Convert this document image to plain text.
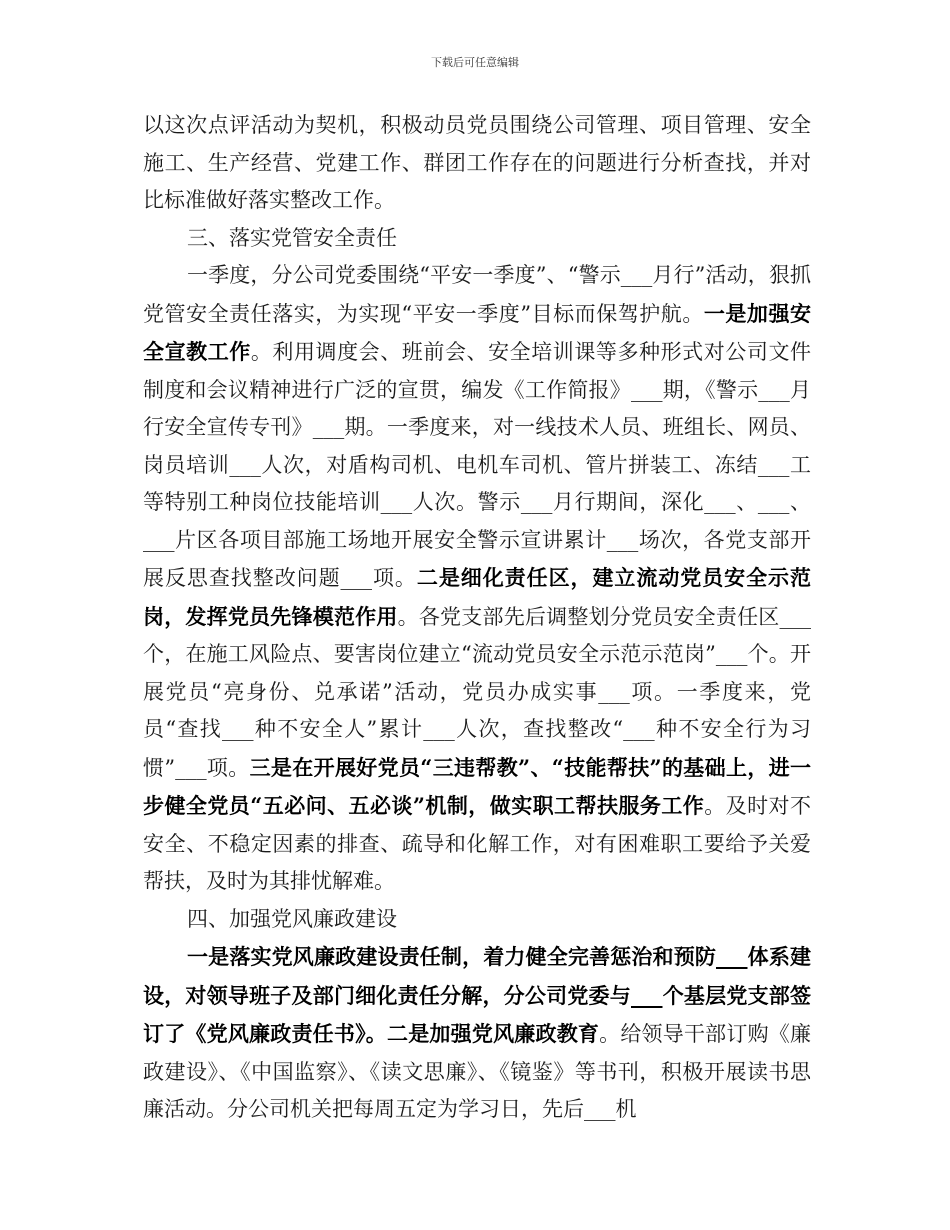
下载后可任意编辑

以这次点评活动为契机，积极动员党员围绕公司管理、项目管理、安全施工、生产经营、党建工作、群团工作存在的问题进行分析查找，并对比标准做好落实整改工作。

三、落实党管安全责任

一季度，分公司党委围绕“平安一季度”、“警示___月行”活动，狠抓党管安全责任落实，为实现“平安一季度”目标而保驾护航。一是加强安全宣教工作。利用调度会、班前会、安全培训课等多种形式对公司文件制度和会议精神进行广泛的宣贯，编发《工作简报》___期，《警示___月行安全宣传专刊》___期。一季度来，对一线技术人员、班组长、网员、岗员培训___人次，对盾构司机、电机车司机、管片拼装工、冻结___工等特别工种岗位技能培训___人次。警示___月行期间，深化___、___、___片区各项目部施工场地开展安全警示宣讲累计___场次，各党支部开展反思查找整改问题___项。二是细化责任区，建立流动党员安全示范岗，发挥党员先锋模范作用。各党支部先后调整划分党员安全责任区___个，在施工风险点、要害岗位建立“流动党员安全示范示范岗”___个。开展党员“亮身份、兑承诺”活动，党员办成实事___项。一季度来，党员“查找___种不安全人”累计___人次，查找整改“___种不安全行为习惯”___项。三是在开展好党员“三违帮教”、“技能帮扶”的基础上，进一步健全党员“五必问、五必谈”机制，做实职工帮扶服务工作。及时对不安全、不稳定因素的排查、疏导和化解工作，对有困难职工要给予关爱帮扶，及时为其排忧解难。

四、加强党风廉政建设

一是落实党风廉政建设责任制，着力健全完善惩治和预防___体系建设，对领导班子及部门细化责任分解，分公司党委与___个基层党支部签订了《党风廉政责任书》。二是加强党风廉政教育。给领导干部订购《廉政建设》、《中国监察》、《读文思廉》、《镜鉴》等书刊，积极开展读书思廉活动。分公司机关把每周五定为学习日，先后___机
